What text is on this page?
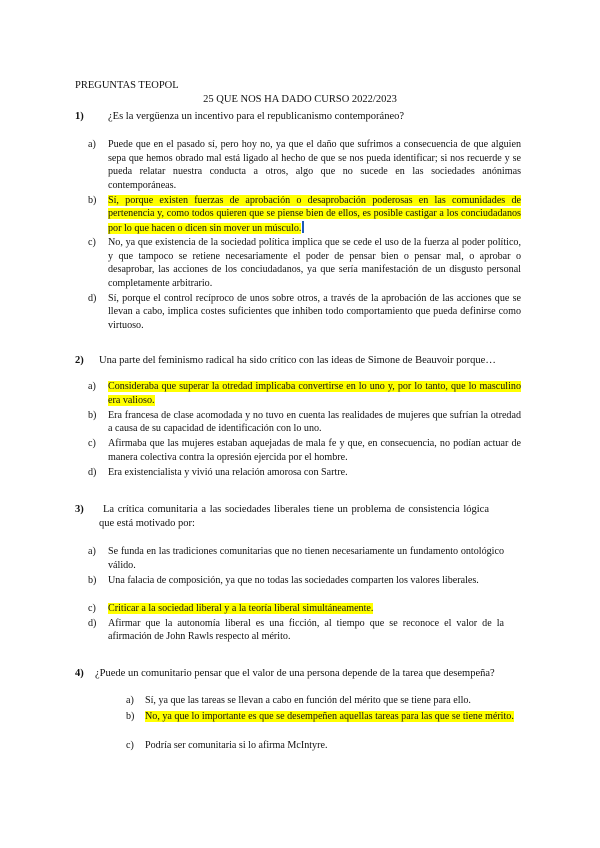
PREGUNTAS TEOPOL
25 QUE NOS HA DADO CURSO 2022/2023
1) ¿Es la vergüenza un incentivo para el republicanismo contemporáneo?
a) Puede que en el pasado sí, pero hoy no, ya que el daño que sufrimos a consecuencia de que alguien sepa que hemos obrado mal está ligado al hecho de que se nos pueda identificar; si nos recuerde y se pueda relatar nuestra conducta a otros, algo que no sucede en las sociedades anónimas contemporáneas.
b) Sí, porque existen fuerzas de aprobación o desaprobación poderosas en las comunidades de pertenencia y, como todos quieren que se piense bien de ellos, es posible castigar a los conciudadanos por lo que hacen o dicen sin mover un músculo.
c) No, ya que existencia de la sociedad política implica que se cede el uso de la fuerza al poder político, y que tampoco se retiene necesariamente el poder de pensar bien o pensar mal, o aprobar o desaprobar, las acciones de los conciudadanos, ya que sería manifestación de un disgusto personal completamente arbitrario.
d) Sí, porque el control recíproco de unos sobre otros, a través de la aprobación de las acciones que se llevan a cabo, implica costes suficientes que inhiben todo comportamiento que pueda definirse como virtuoso.
2) Una parte del feminismo radical ha sido crítico con las ideas de Simone de Beauvoir porque…
a) Consideraba que superar la otredad implicaba convertirse en lo uno y, por lo tanto, que lo masculino era valioso.
b) Era francesa de clase acomodada y no tuvo en cuenta las realidades de mujeres que sufrían la otredad a causa de su capacidad de identificación con lo uno.
c) Afirmaba que las mujeres estaban aquejadas de mala fe y que, en consecuencia, no podían actuar de manera colectiva contra la opresión ejercida por el hombre.
d) Era existencialista y vivió una relación amorosa con Sartre.
3)	La crítica comunitaria a las sociedades liberales tiene un problema de consistencia lógica que está motivado por:
a) Se funda en las tradiciones comunitarias que no tienen necesariamente un fundamento ontológico válido.
b) Una falacia de composición, ya que no todas las sociedades comparten los valores liberales.
c) Criticar a la sociedad liberal y a la teoría liberal simultáneamente.
d) Afirmar que la autonomía liberal es una ficción, al tiempo que se reconoce el valor de la afirmación de John Rawls respecto al mérito.
4) ¿Puede un comunitario pensar que el valor de una persona depende de la tarea que desempeña?
a) Sí, ya que las tareas se llevan a cabo en función del mérito que se tiene para ello.
b) No, ya que lo importante es que se desempeñen aquellas tareas para las que se tiene mérito.
c) Podría ser comunitaria si lo afirma McIntyre.
